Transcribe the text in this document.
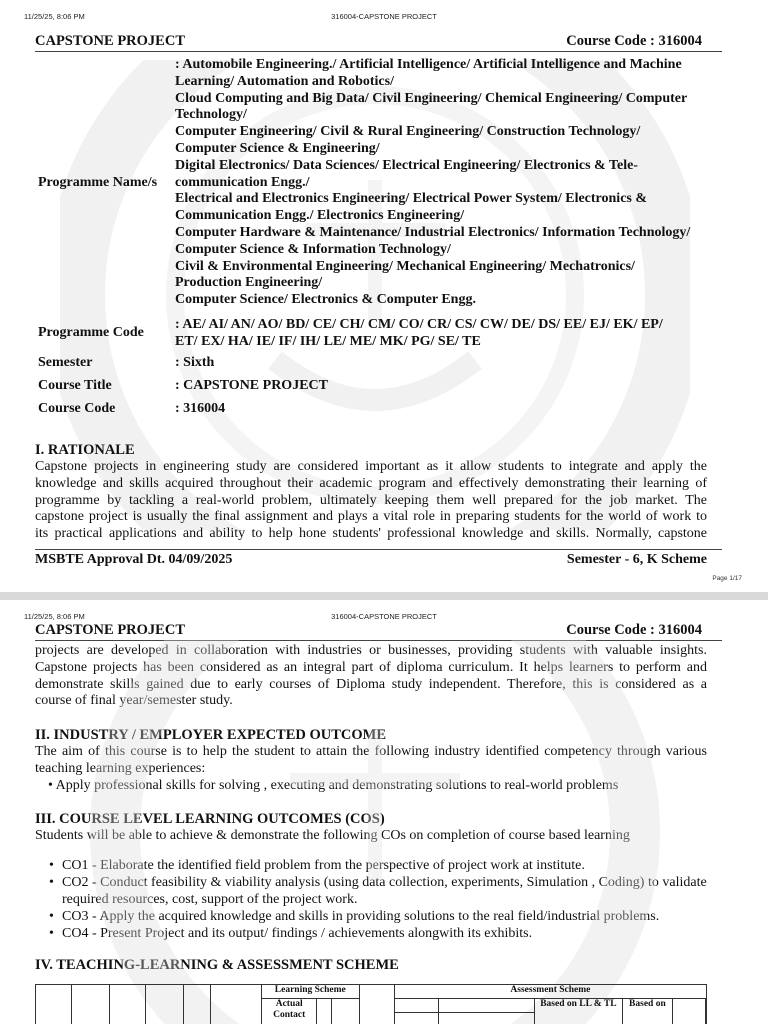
11/25/25, 8:06 PM	316004-CAPSTONE PROJECT
CAPSTONE PROJECT	Course Code : 316004
Programme Name/s
: Automobile Engineering./ Artificial Intelligence/ Artificial Intelligence and Machine
Learning/ Automation and Robotics/
Cloud Computing and Big Data/ Civil Engineering/ Chemical Engineering/ Computer
Technology/
Computer Engineering/ Civil & Rural Engineering/ Construction Technology/
Computer Science & Engineering/
Digital Electronics/ Data Sciences/ Electrical Engineering/ Electronics & Tele-
communication Engg./
Electrical and Electronics Engineering/ Electrical Power System/ Electronics &
Communication Engg./ Electronics Engineering/
Computer Hardware & Maintenance/ Industrial Electronics/ Information Technology/
Computer Science & Information Technology/
Civil & Environmental Engineering/ Mechanical Engineering/ Mechatronics/
Production Engineering/
Computer Science/ Electronics & Computer Engg.
Programme Code
: AE/ AI/ AN/ AO/ BD/ CE/ CH/ CM/ CO/ CR/ CS/ CW/ DE/ DS/ EE/ EJ/ EK/ EP/
ET/ EX/ HA/ IE/ IF/ IH/ LE/ ME/ MK/ PG/ SE/ TE
Semester	: Sixth
Course Title	: CAPSTONE PROJECT
Course Code	: 316004
I. RATIONALE
Capstone projects in engineering study are considered important as it allow students to integrate and apply the
knowledge and skills acquired throughout their academic program and effectively demonstrating their learning of
programme by tackling a real-world problem, ultimately keeping them well prepared for the job market. The
capstone project is usually the final assignment and plays a vital role in preparing students for the world of work to
its practical applications and ability to help hone students' professional knowledge and skills. Normally, capstone
MSBTE Approval Dt. 04/09/2025	Semester - 6, K Scheme
Page 1/17
11/25/25, 8:06 PM	316004-CAPSTONE PROJECT
CAPSTONE PROJECT	Course Code : 316004
projects are developed in collaboration with industries or businesses, providing students with valuable insights.
Capstone projects has been considered as an integral part of diploma curriculum. It helps learners to perform and
demonstrate skills gained due to early courses of Diploma study independent. Therefore, this is considered as a
course of final year/semester study.
II. INDUSTRY / EMPLOYER EXPECTED OUTCOME
The aim of this course is to help the student to attain the following industry identified competency through various
teaching learning experiences:
• Apply professional skills for solving , executing and demonstrating solutions to real-world problems
III. COURSE LEVEL LEARNING OUTCOMES (COS)
Students will be able to achieve & demonstrate the following COs on completion of course based learning
• CO1 - Elaborate the identified field problem from the perspective of project work at institute.
• CO2 - Conduct feasibility & viability analysis (using data collection, experiments, Simulation , Coding) to validate required resources, cost, support of the project work.
• CO3 - Apply the acquired knowledge and skills in providing solutions to the real field/industrial problems.
• CO4 - Present Project and its output/ findings / achievements alongwith its exhibits.
IV. TEACHING-LEARNING & ASSESSMENT SCHEME
						Learning Scheme				Assessment Scheme					
						Actual Contact						Based on LL & TL	Based on		
